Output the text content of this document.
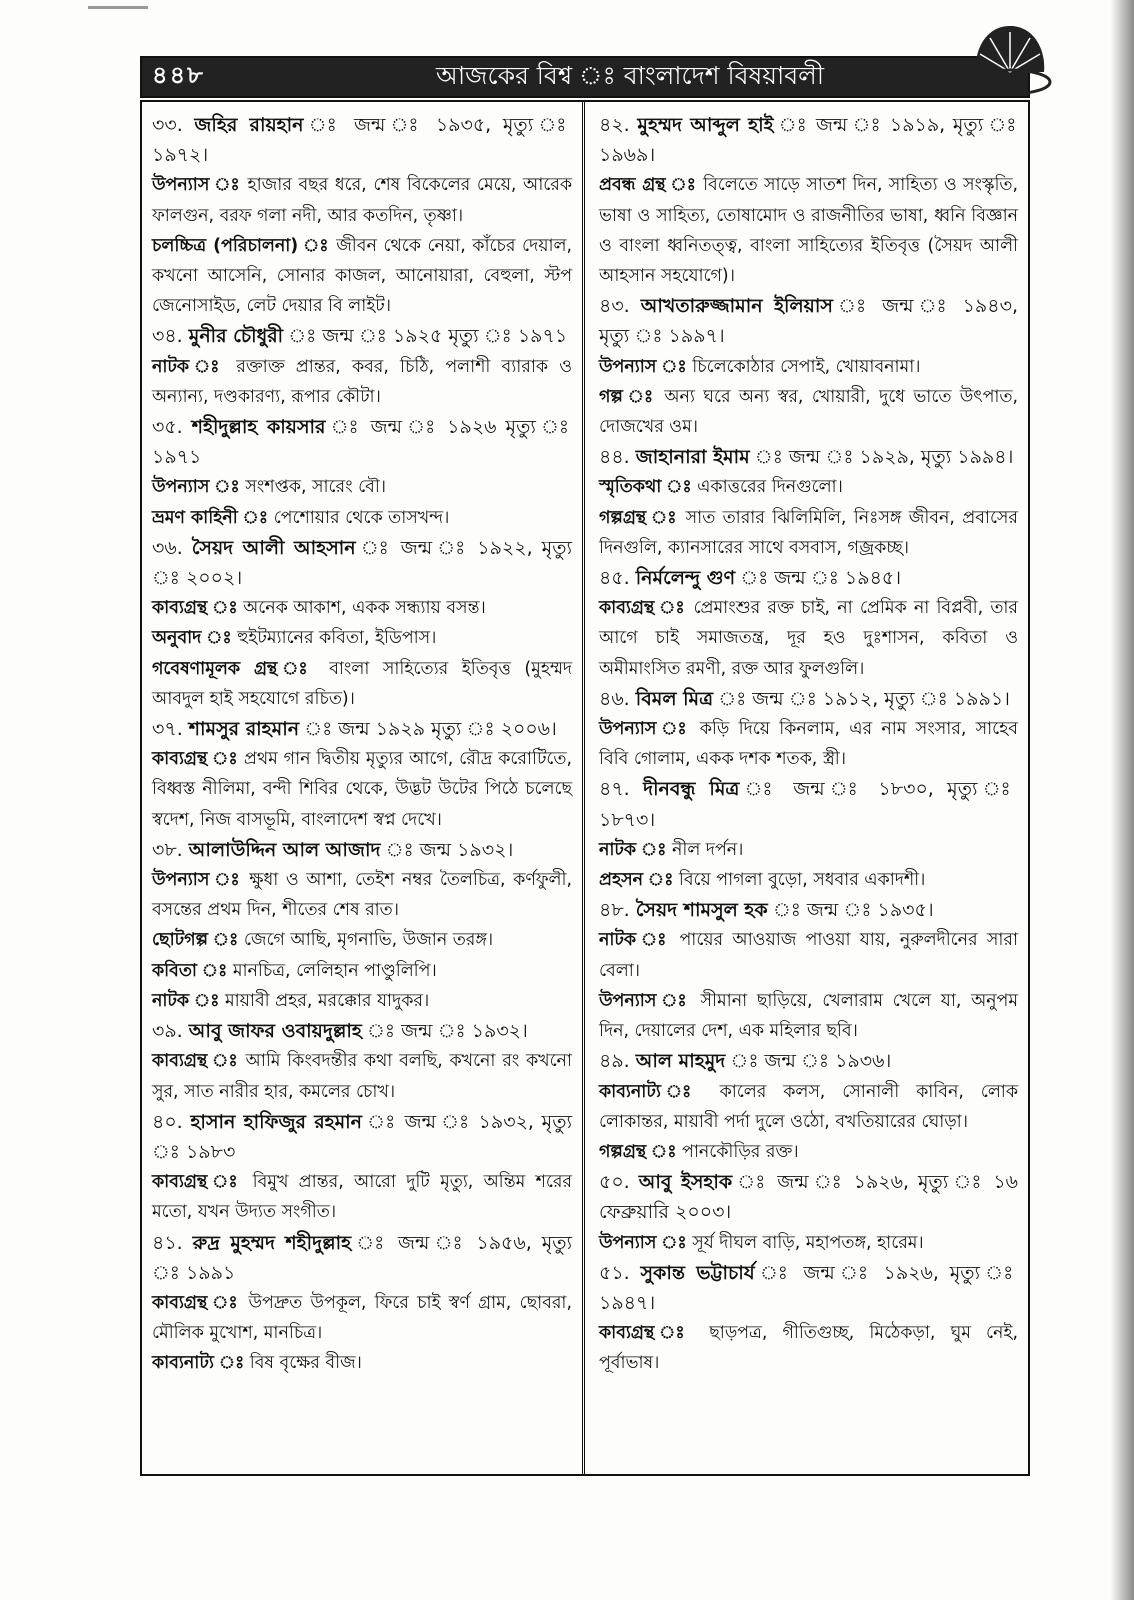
৪৪৮	আজকের বিশ্ব ঃ বাংলাদেশ বিষয়াবলী

৩৩. জহির রায়হান ঃ জন্ম ঃ ১৯৩৫, মৃত্যু ঃ ১৯৭২।

উপন্যাস ঃ হাজার বছর ধরে, শেষ বিকেলের মেয়ে, আরেক ফালগুন, বরফ গলা নদী, আর কতদিন, তৃষ্ণা।

চলচ্চিত্র (পরিচালনা) ঃ জীবন থেকে নেয়া, কাঁচের দেয়াল, কখনো আসেনি, সোনার কাজল, আনোয়ারা, বেহুলা, স্টপ জেনোসাইড, লেট দেয়ার বি লাইট।

৩৪. মুনীর চৌধুরী ঃ জন্ম ঃ ১৯২৫ মৃত্যু ঃ ১৯৭১

নাটক ঃ রক্তাক্ত প্রান্তর, কবর, চিঠি, পলাশী ব্যারাক ও অন্যান্য, দণ্ডকারণ্য, রূপার কৌটা।

৩৫. শহীদুল্লাহ কায়সার ঃ জন্ম ঃ ১৯২৬ মৃত্যু ঃ ১৯৭১

উপন্যাস ঃ সংশপ্তক, সারেং বৌ।

ভ্রমণ কাহিনী ঃ পেশোয়ার থেকে তাসখন্দ।

৩৬. সৈয়দ আলী আহসান ঃ জন্ম ঃ ১৯২২, মৃত্যু ঃ ২০০২।

কাব্যগ্রন্থ ঃ অনেক আকাশ, একক সন্ধ্যায় বসন্ত।

অনুবাদ ঃ হুইটম্যানের কবিতা, ইডিপাস।

গবেষণামূলক গ্রন্থ ঃ বাংলা সাহিত্যের ইতিবৃত্ত (মুহম্মদ আবদুল হাই সহযোগে রচিত)।

৩৭. শামসুর রাহমান ঃ জন্ম ১৯২৯ মৃত্যু ঃ ২০০৬।

কাব্যগ্রন্থ ঃ প্রথম গান দ্বিতীয় মৃত্যুর আগে, রৌদ্র করোটিতে, বিধ্বস্ত নীলিমা, বন্দী শিবির থেকে, উদ্ভট উটের পিঠে চলেছে স্বদেশ, নিজ বাসভূমি, বাংলাদেশ স্বপ্ন দেখে।

৩৮. আলাউদ্দিন আল আজাদ ঃ জন্ম ১৯৩২।

উপন্যাস ঃ ক্ষুধা ও আশা, তেইশ নম্বর তৈলচিত্র, কর্ণফুলী, বসন্তের প্রথম দিন, শীতের শেষ রাত।

ছোটগল্প ঃ জেগে আছি, মৃগনাভি, উজান তরঙ্গ।

কবিতা ঃ মানচিত্র, লেলিহান পাণ্ডুলিপি।

নাটক ঃ মায়াবী প্রহর, মরক্কোর যাদুকর।

৩৯. আবু জাফর ওবায়দুল্লাহ ঃ জন্ম ঃ ১৯৩২।

কাব্যগ্রন্থ ঃ আমি কিংবদন্তীর কথা বলছি, কখনো রং কখনো সুর, সাত নারীর হার, কমলের চোখ।

৪০. হাসান হাফিজুর রহমান ঃ জন্ম ঃ ১৯৩২, মৃত্যু ঃ ১৯৮৩

কাব্যগ্রন্থ ঃ বিমুখ প্রান্তর, আরো দুটি মৃত্যু, অন্তিম শরের মতো, যখন উদ্যত সংগীত।

৪১. রুদ্র মুহম্মদ শহীদুল্লাহ ঃ জন্ম ঃ ১৯৫৬, মৃত্যু ঃ ১৯৯১

কাব্যগ্রন্থ ঃ উপদ্রুত উপকূল, ফিরে চাই স্বর্ণ গ্রাম, ছোবরা, মৌলিক মুখোশ, মানচিত্র।

কাব্যনাট্য ঃ বিষ বৃক্ষের বীজ।

৪২. মুহম্মদ আব্দুল হাই ঃ জন্ম ঃ ১৯১৯, মৃত্যু ঃ ১৯৬৯।

প্রবন্ধ গ্রন্থ ঃ বিলেতে সাড়ে সাতশ দিন, সাহিত্য ও সংস্কৃতি, ভাষা ও সাহিত্য, তোষামোদ ও রাজনীতির ভাষা, ধ্বনি বিজ্ঞান ও বাংলা ধ্বনিতত্ত্ব, বাংলা সাহিত্যের ইতিবৃত্ত (সৈয়দ আলী আহসান সহযোগে)।

৪৩. আখতারুজ্জামান ইলিয়াস ঃ জন্ম ঃ ১৯৪৩, মৃত্যু ঃ ১৯৯৭।

উপন্যাস ঃ চিলেকোঠার সেপাই, খোয়াবনামা।

গল্প ঃ অন্য ঘরে অন্য স্বর, খোয়ারী, দুধে ভাতে উৎপাত, দোজখের ওম।

৪৪. জাহানারা ইমাম ঃ জন্ম ঃ ১৯২৯, মৃত্যু ১৯৯৪।

স্মৃতিকথা ঃ একাত্তরের দিনগুলো।

গল্পগ্রন্থ ঃ সাত তারার ঝিলিমিলি, নিঃসঙ্গ জীবন, প্রবাসের দিনগুলি, ক্যানসারের সাথে বসবাস, গজ্রকচ্ছ।

৪৫. নির্মলেন্দু গুণ ঃ জন্ম ঃ ১৯৪৫।

কাব্যগ্রন্থ ঃ প্রেমাংশুর রক্ত চাই, না প্রেমিক না বিপ্লবী, তার আগে চাই সমাজতন্ত্র, দূর হও দুঃশাসন, কবিতা ও অমীমাংসিত রমণী, রক্ত আর ফুলগুলি।

৪৬. বিমল মিত্র ঃ জন্ম ঃ ১৯১২, মৃত্যু ঃ ১৯৯১।

উপন্যাস ঃ কড়ি দিয়ে কিনলাম, এর নাম সংসার, সাহেব বিবি গোলাম, একক দশক শতক, স্ত্রী।

৪৭. দীনবন্ধু মিত্র ঃ জন্ম ঃ ১৮৩০, মৃত্যু ঃ ১৮৭৩।

নাটক ঃ নীল দর্পন।

প্রহসন ঃ বিয়ে পাগলা বুড়ো, সধবার একাদশী।

৪৮. সৈয়দ শামসুল হক ঃ জন্ম ঃ ১৯৩৫।

নাটক ঃ পায়ের আওয়াজ পাওয়া যায়, নুরুলদীনের সারা বেলা।

উপন্যাস ঃ সীমানা ছাড়িয়ে, খেলারাম খেলে যা, অনুপম দিন, দেয়ালের দেশ, এক মহিলার ছবি।

৪৯. আল মাহমুদ ঃ জন্ম ঃ ১৯৩৬।

কাব্যনাট্য ঃ কালের কলস, সোনালী কাবিন, লোক লোকান্তর, মায়াবী পর্দা দুলে ওঠো, বখতিয়ারের ঘোড়া।

গল্পগ্রন্থ ঃ পানকৌড়ির রক্ত।

৫০. আবু ইসহাক ঃ জন্ম ঃ ১৯২৬, মৃত্যু ঃ ১৬ ফেব্রুয়ারি ২০০৩।

উপন্যাস ঃ সূর্য দীঘল বাড়ি, মহাপতঙ্গ, হারেম।

৫১. সুকান্ত ভট্টাচার্য ঃ জন্ম ঃ ১৯২৬, মৃত্যু ঃ ১৯৪৭।

কাব্যগ্রন্থ ঃ ছাড়পত্র, গীতিগুচ্ছ, মিঠেকড়া, ঘুম নেই, পূর্বাভাষ।
